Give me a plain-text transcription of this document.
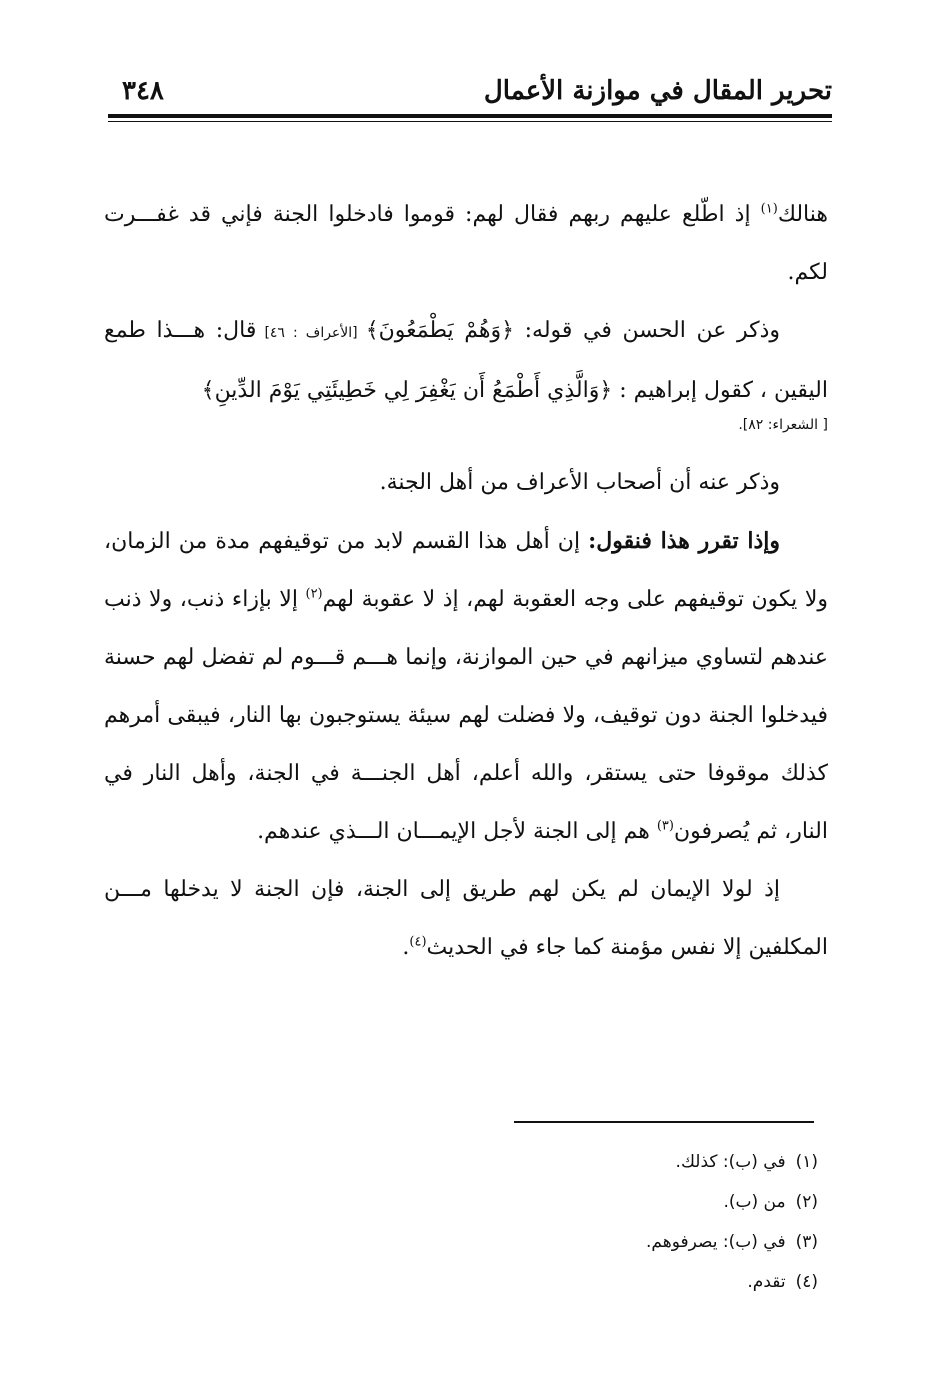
تحرير المقال في موازنة الأعمال
٣٤٨

هنالك$^{(١)}$ إذ اطّلع عليهم ربهم فقال لهم: قوموا فادخلوا الجنة فإني قد غفـــرت لكم.

وذكر عن الحسن في قوله: ﴿وَهُمْ يَطْمَعُونَ﴾ [الأعراف : ٤٦] قال: هـــذا طمع اليقين ، كقول إبراهيم : ﴿وَالَّذِي أَطْمَعُ أَن يَغْفِرَ لِي خَطِيئَتِي يَوْمَ الدِّينِ﴾

[ الشعراء: ٨٢].

وذكر عنه أن أصحاب الأعراف من أهل الجنة.

وإذا تقرر هذا فنقول: إن أهل هذا القسم لابد من توقيفهم مدة من الزمان، ولا يكون توقيفهم على وجه العقوبة لهم، إذ لا عقوبة لهم$^{(٢)}$ إلا بإزاء ذنب، ولا ذنب عندهم لتساوي ميزانهم في حين الموازنة، وإنما هـــم قـــوم لم تفضل لهم حسنة فيدخلوا الجنة دون توقيف، ولا فضلت لهم سيئة يستوجبون بها النار، فيبقى أمرهم كذلك موقوفا حتى يستقر، والله أعلم، أهل الجنـــة في الجنة، وأهل النار في النار، ثم يُصرفون$^{(٣)}$ هم إلى الجنة لأجل الإيمـــان الـــذي عندهم.

إذ لولا الإيمان لم يكن لهم طريق إلى الجنة، فإن الجنة لا يدخلها مـــن المكلفين إلا نفس مؤمنة كما جاء في الحديث$^{(٤)}$.

(١)في (ب): كذلك.
(٢)من (ب).
(٣)في (ب): يصرفوهم.
(٤)تقدم.
